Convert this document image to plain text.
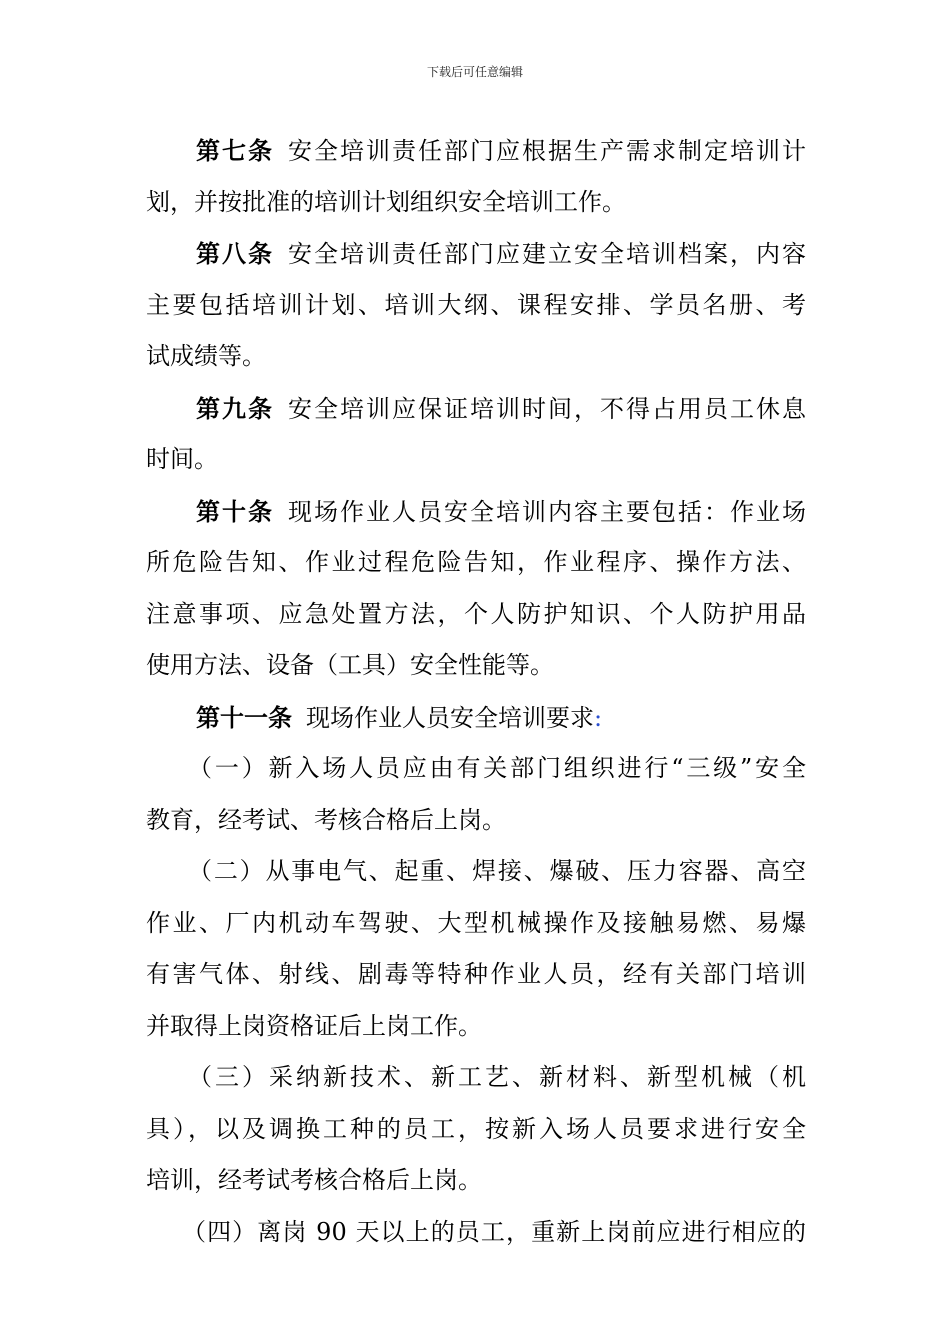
下载后可任意编辑
第七条 安全培训责任部门应根据生产需求制定培训计
划，并按批准的培训计划组织安全培训工作。
第八条 安全培训责任部门应建立安全培训档案，内容
主要包括培训计划、培训大纲、课程安排、学员名册、考
试成绩等。
第九条 安全培训应保证培训时间，不得占用员工休息
时间。
第十条 现场作业人员安全培训内容主要包括：作业场
所危险告知、作业过程危险告知，作业程序、操作方法、
注意事项、应急处置方法，个人防护知识、个人防护用品
使用方法、设备（工具）安全性能等。
第十一条 现场作业人员安全培训要求:
（一）新入场人员应由有关部门组织进行“三级”安全
教育，经考试、考核合格后上岗。
（二）从事电气、起重、焊接、爆破、压力容器、高空
作业、厂内机动车驾驶、大型机械操作及接触易燃、易爆
有害气体、射线、剧毒等特种作业人员，经有关部门培训
并取得上岗资格证后上岗工作。
（三）采纳新技术、新工艺、新材料、新型机械（机
具），以及调换工种的员工，按新入场人员要求进行安全
培训，经考试考核合格后上岗。
（四）离岗 90 天以上的员工，重新上岗前应进行相应的
